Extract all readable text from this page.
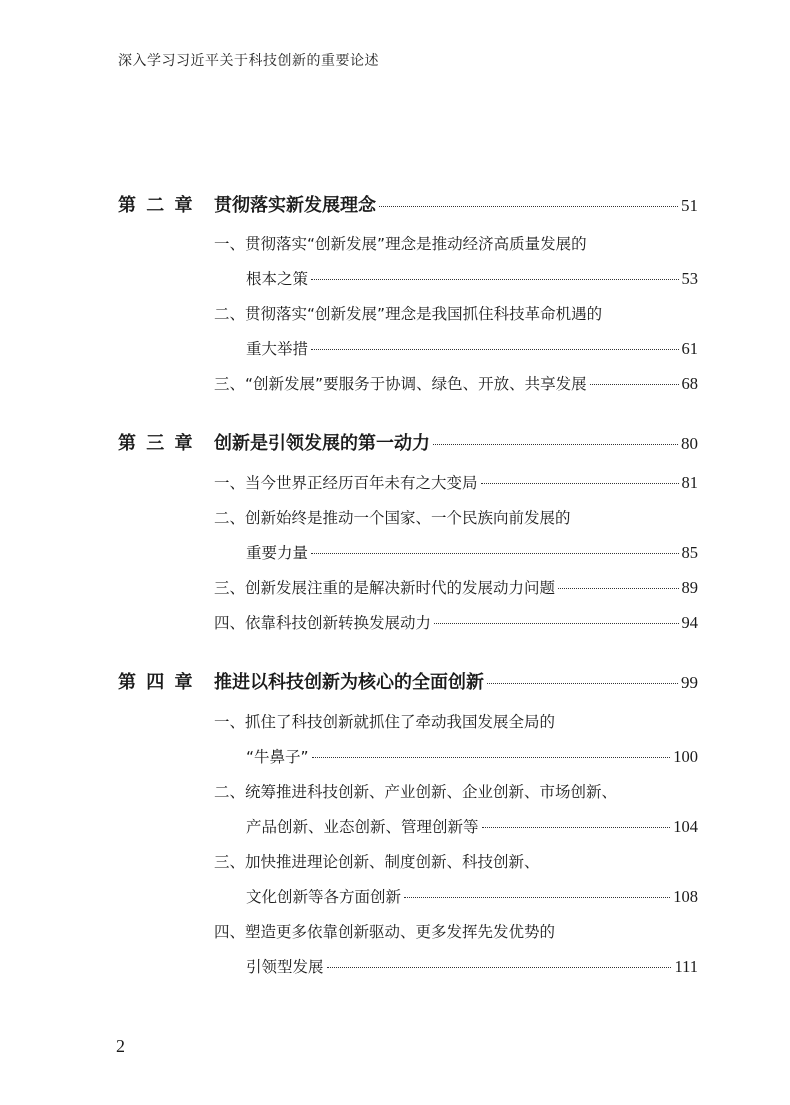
深入学习习近平关于科技创新的重要论述
第 二 章	贯彻落实新发展理念	51
一、 贯彻落实“创新发展”理念是推动经济高质量发展的
根本之策	53
二、 贯彻落实“创新发展”理念是我国抓住科技革命机遇的
重大举措	61
三、 “创新发展”要服务于协调、绿色、开放、共享发展	68
第 三 章	创新是引领发展的第一动力	80
一、 当今世界正经历百年未有之大变局	81
二、 创新始终是推动一个国家、一个民族向前发展的
重要力量	85
三、 创新发展注重的是解决新时代的发展动力问题	89
四、 依靠科技创新转换发展动力	94
第 四 章	推进以科技创新为核心的全面创新	99
一、 抓住了科技创新就抓住了牵动我国发展全局的
“牛鼻子”	100
二、 统筹推进科技创新、产业创新、企业创新、市场创新、
产品创新、业态创新、管理创新等	104
三、 加快推进理论创新、制度创新、科技创新、
文化创新等各方面创新	108
四、 塑造更多依靠创新驱动、更多发挥先发优势的
引领型发展	111
2
